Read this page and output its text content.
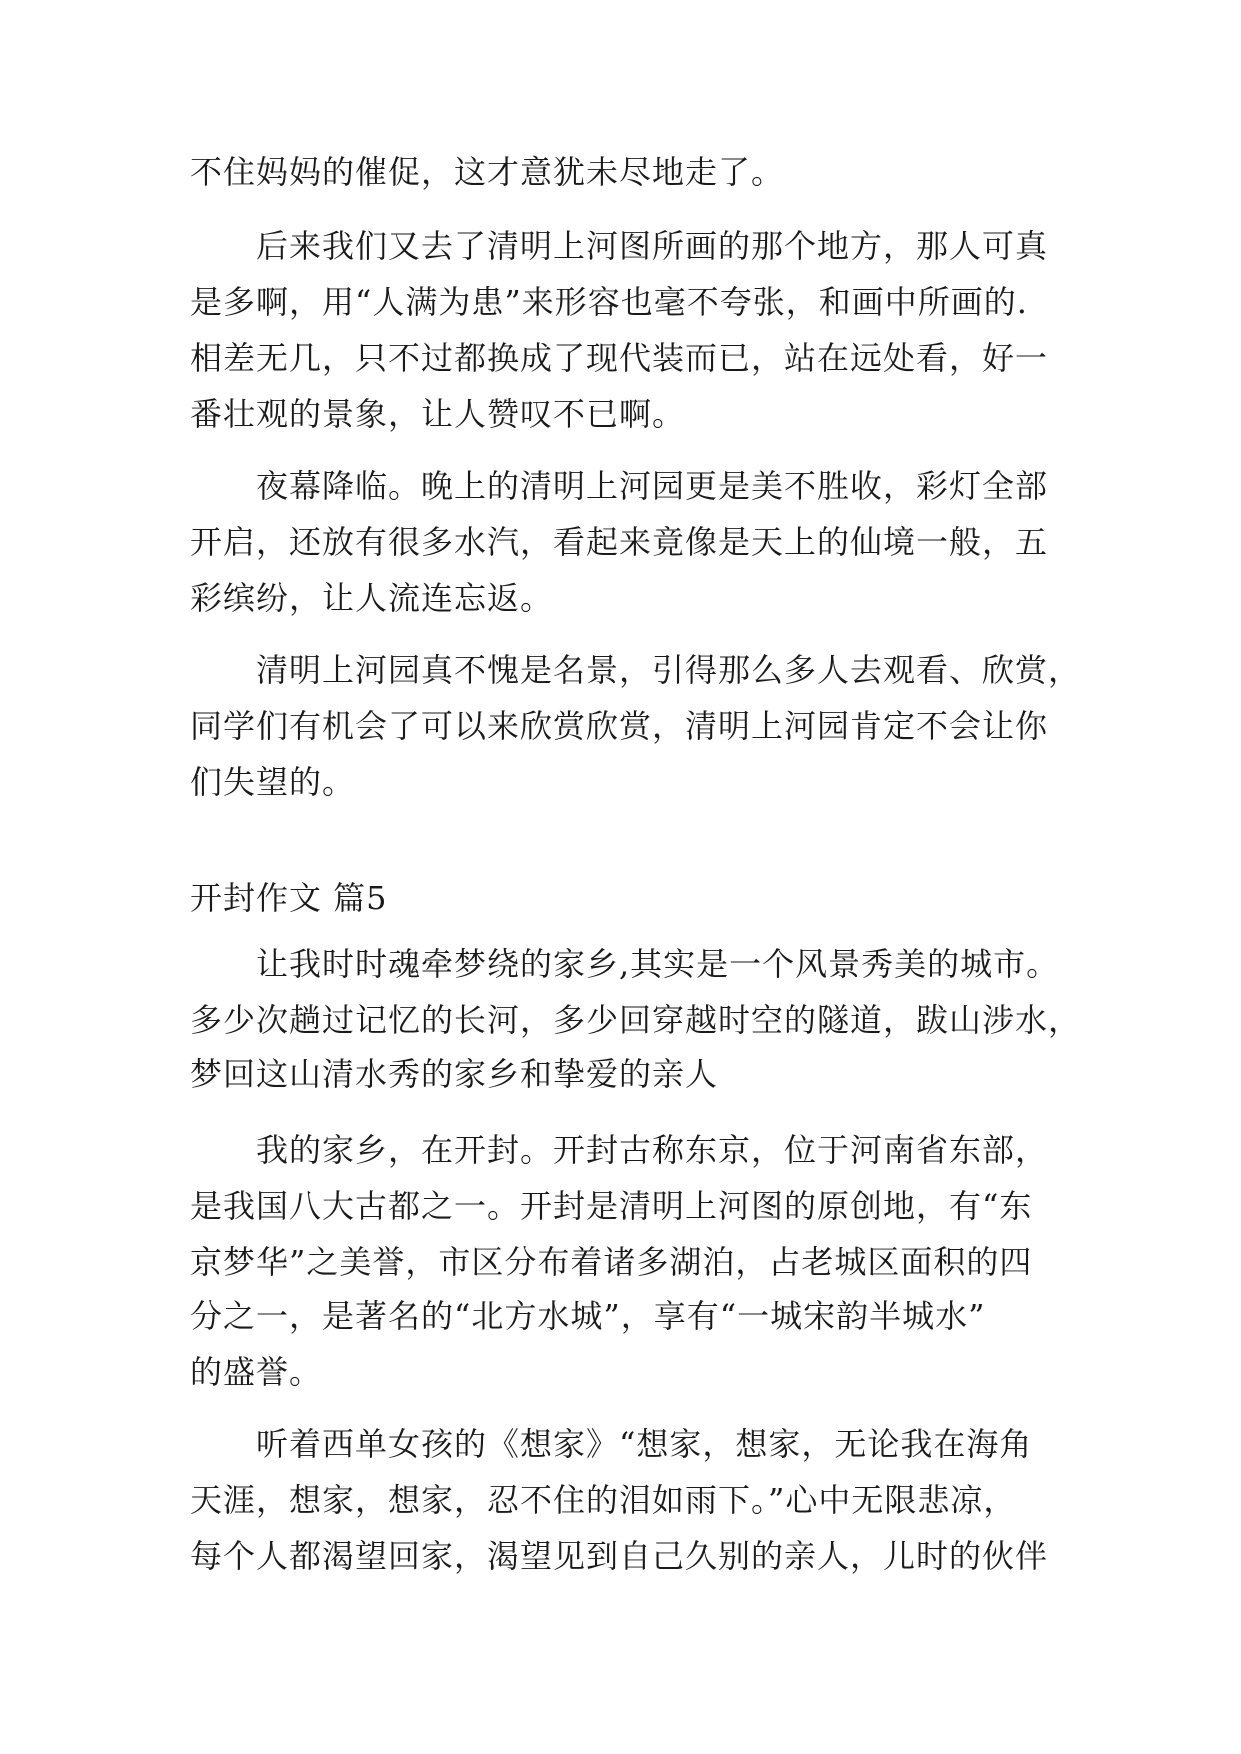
不住妈妈的催促，这才意犹未尽地走了。
后来我们又去了清明上河图所画的那个地方，那人可真
是多啊，用“人满为患”来形容也毫不夸张，和画中所画的.
相差无几，只不过都换成了现代装而已，站在远处看，好一
番壮观的景象，让人赞叹不已啊。
夜幕降临。晚上的清明上河园更是美不胜收，彩灯全部
开启，还放有很多水汽，看起来竟像是天上的仙境一般，五
彩缤纷，让人流连忘返。
清明上河园真不愧是名景，引得那么多人去观看、欣赏，
同学们有机会了可以来欣赏欣赏，清明上河园肯定不会让你
们失望的。
开封作文 篇5
让我时时魂牵梦绕的家乡,其实是一个风景秀美的城市。
多少次趟过记忆的长河，多少回穿越时空的隧道，跋山涉水，
梦回这山清水秀的家乡和挚爱的亲人
我的家乡，在开封。开封古称东京，位于河南省东部，
是我国八大古都之一。开封是清明上河图的原创地，有“东
京梦华”之美誉，市区分布着诸多湖泊，占老城区面积的四
分之一，是著名的“北方水城”，享有“一城宋韵半城水”
的盛誉。
听着西单女孩的《想家》“想家，想家，无论我在海角
天涯，想家，想家，忍不住的泪如雨下。”心中无限悲凉，
每个人都渴望回家，渴望见到自己久别的亲人，儿时的伙伴
